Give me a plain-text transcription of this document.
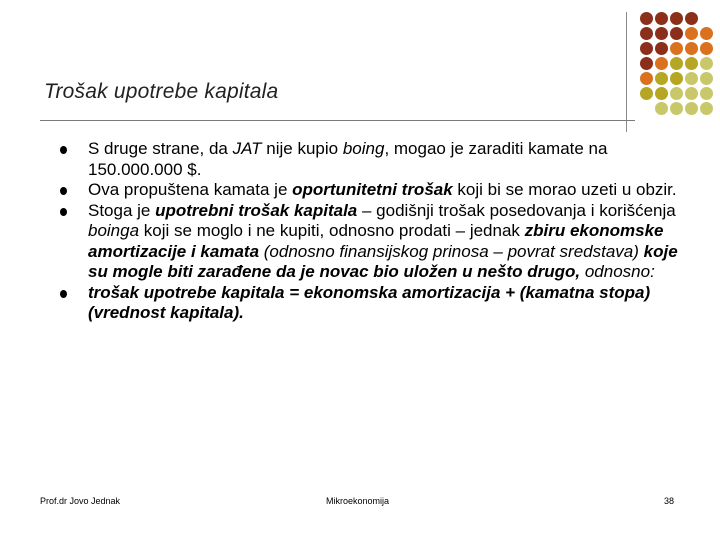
Trošak upotrebe kapitala
S druge strane, da JAT nije kupio boing, mogao je zaraditi kamate na 150.000.000 $.
Ova propuštena kamata je oportunitetni trošak koji bi se morao uzeti u obzir.
Stoga je upotrebni trošak kapitala – godišnji trošak posedovanja i korišćenja boinga koji se moglo i ne kupiti, odnosno prodati – jednak zbiru ekonomske amortizacije i kamata (odnosno finansijskog prinosa – povrat sredstava) koje su mogle biti zarađene da je novac bio uložen u nešto drugo, odnosno:
trošak upotrebe kapitala = ekonomska amortizacija + (kamatna stopa) (vrednost kapitala).
Prof.dr Jovo Jednak	Mikroekonomija	38
